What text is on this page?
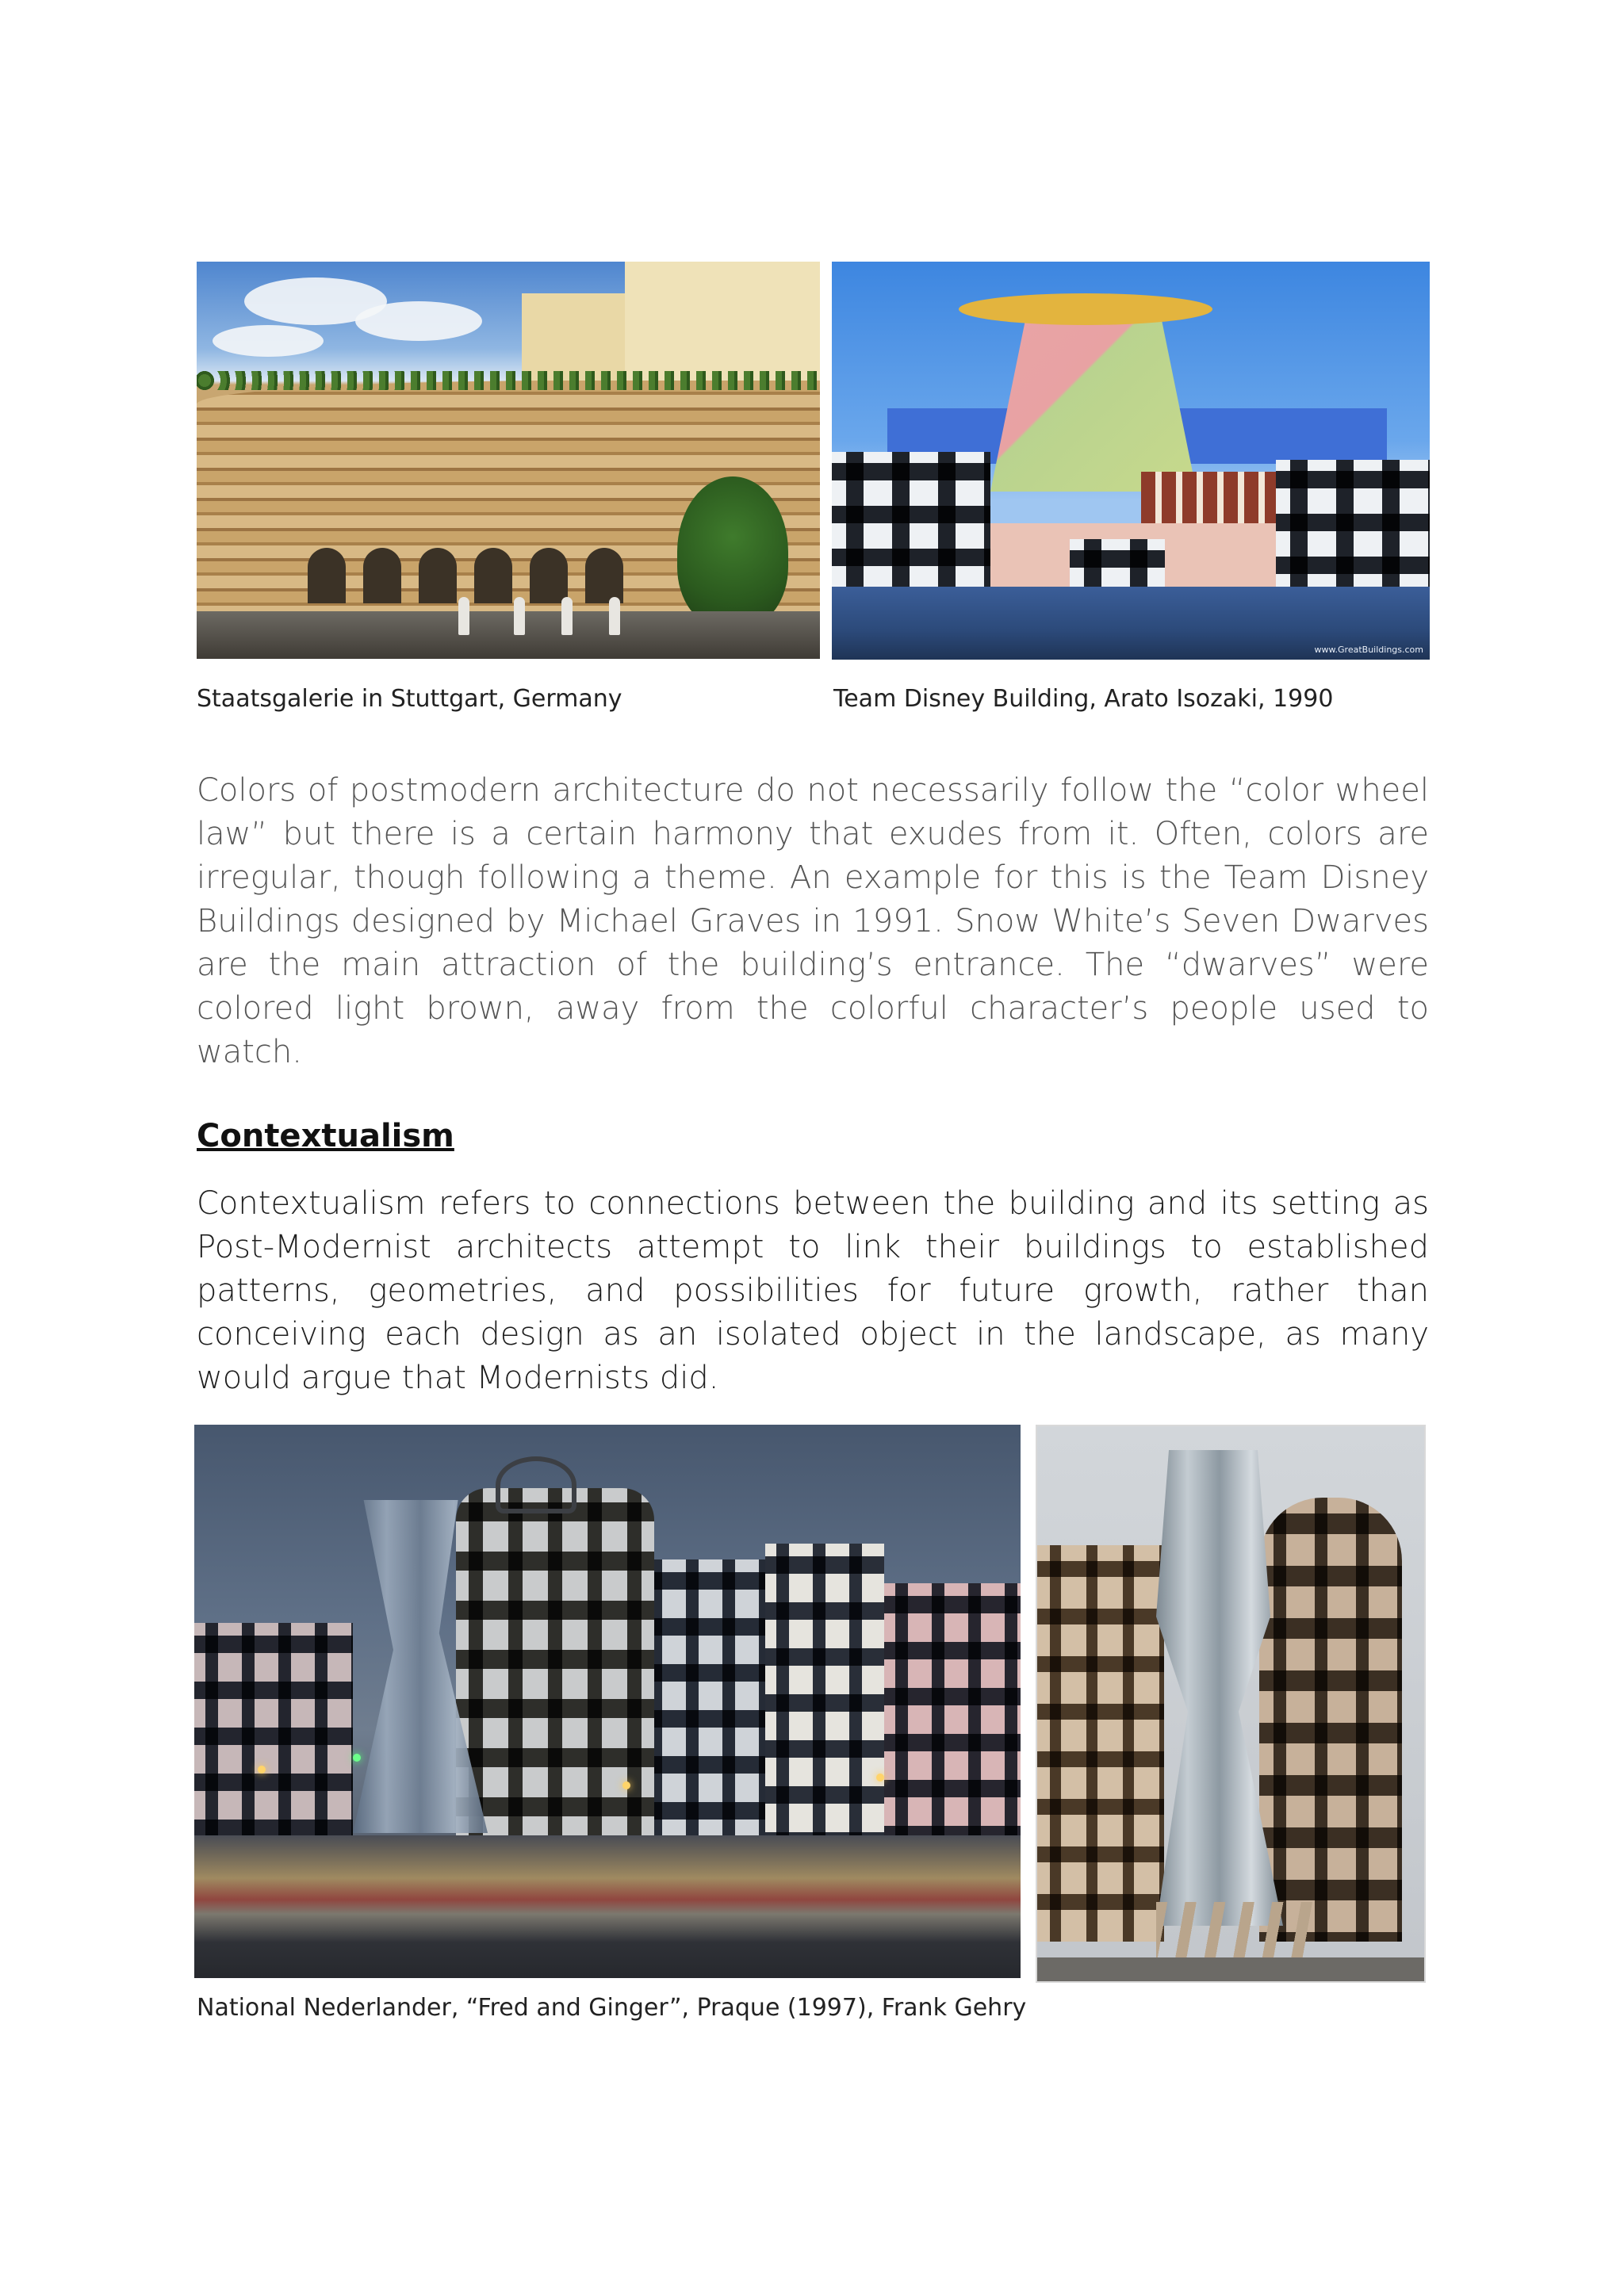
www.GreatBuildings.com
Staatsgalerie in Stuttgart, Germany	Team Disney Building, Arato Isozaki, 1990
Colors of postmodern architecture do not necessarily follow the “color wheel law” but there is a certain harmony that exudes from it. Often, colors are irregular, though following a theme. An example for this is the Team Disney Buildings designed by Michael Graves in 1991. Snow White’s Seven Dwarves are the main attraction of the building’s entrance. The “dwarves” were colored light brown, away from the colorful character’s people used to watch.
Contextualism
Contextualism refers to connections between the building and its setting as Post-Modernist architects attempt to link their buildings to established patterns, geometries, and possibilities for future growth, rather than conceiving each design as an isolated object in the landscape, as many would argue that Modernists did.
National Nederlander, “Fred and Ginger”, Praque (1997), Frank Gehry
